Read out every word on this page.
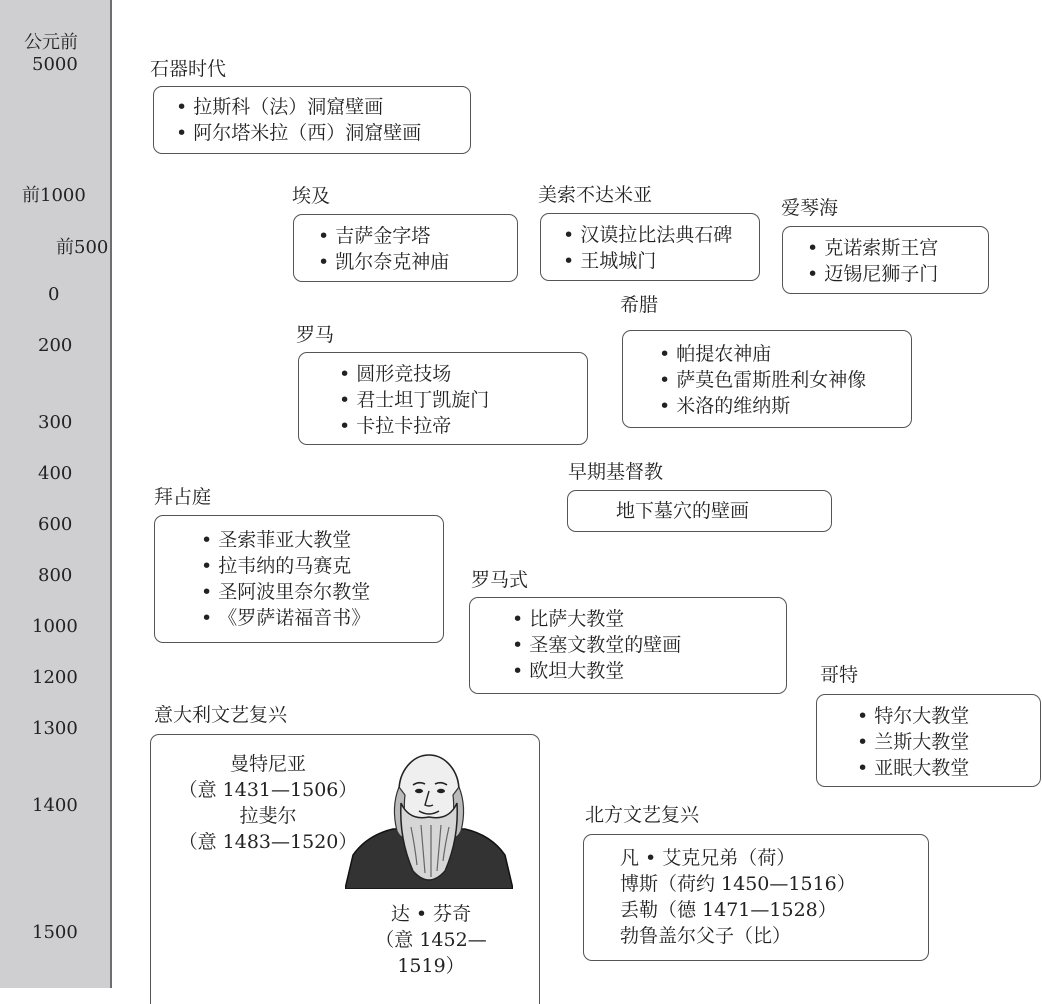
公元前
5000
前1000
前500
0
200
300
400
600
800
1000
1200
1300
1400
1500
石器时代
• 拉斯科（法）洞窟壁画
• 阿尔塔米拉（西）洞窟壁画
埃及
• 吉萨金字塔
• 凯尔奈克神庙
美索不达米亚
• 汉谟拉比法典石碑
• 王城城门
爱琴海
• 克诺索斯王宫
• 迈锡尼狮子门
希腊
• 帕提农神庙
• 萨莫色雷斯胜利女神像
• 米洛的维纳斯
罗马
• 圆形竞技场
• 君士坦丁凯旋门
• 卡拉卡拉帝
早期基督教
地下墓穴的壁画
拜占庭
• 圣索菲亚大教堂
• 拉韦纳的马赛克
• 圣阿波里奈尔教堂
• 《罗萨诺福音书》
罗马式
• 比萨大教堂
• 圣塞文教堂的壁画
• 欧坦大教堂	哥特
• 特尔大教堂
• 兰斯大教堂
• 亚眠大教堂
意大利文艺复兴
曼特尼亚
（意 1431—1506）
拉斐尔
（意 1483—1520）
达 • 芬奇
（意 1452—1519）
北方文艺复兴
凡 • 艾克兄弟（荷）
博斯（荷约 1450—1516）
丢勒（德 1471—1528）
勃鲁盖尔父子（比）
